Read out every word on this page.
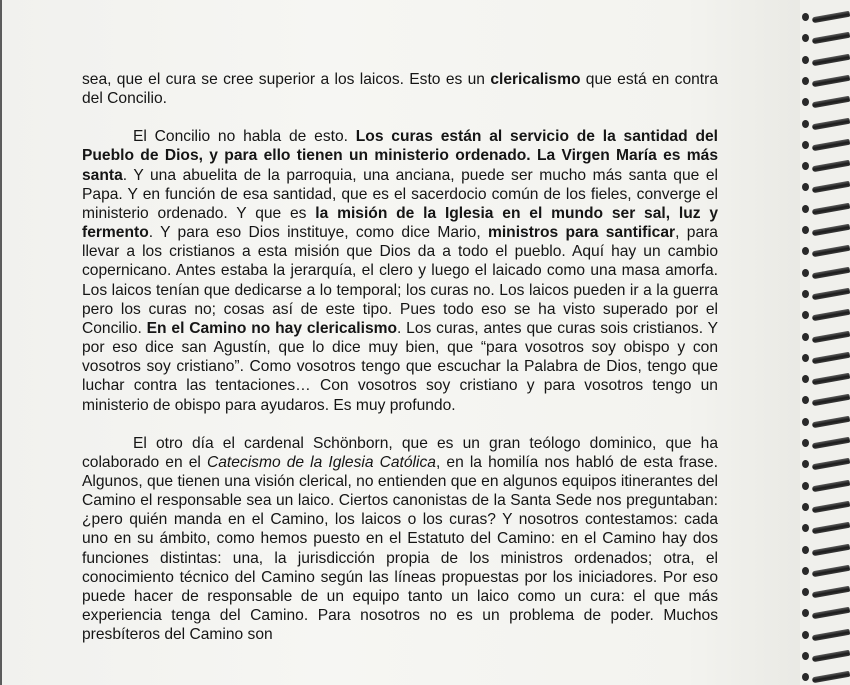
sea, que el cura se cree superior a los laicos. Esto es un clericalismo que está en contra del Concilio.

El Concilio no habla de esto. Los curas están al servicio de la santidad del Pueblo de Dios, y para ello tienen un ministerio ordenado. La Virgen María es más santa. Y una abuelita de la parroquia, una anciana, puede ser mucho más santa que el Papa. Y en función de esa santidad, que es el sacerdocio común de los fieles, converge el ministerio ordenado. Y que es la misión de la Iglesia en el mundo ser sal, luz y fermento. Y para eso Dios instituye, como dice Mario, ministros para santificar, para llevar a los cristianos a esta misión que Dios da a todo el pueblo. Aquí hay un cambio copernicano. Antes estaba la jerarquía, el clero y luego el laicado como una masa amorfa. Los laicos tenían que dedicarse a lo temporal; los curas no. Los laicos pueden ir a la guerra pero los curas no; cosas así de este tipo. Pues todo eso se ha visto superado por el Concilio. En el Camino no hay clericalismo. Los curas, antes que curas sois cristianos. Y por eso dice san Agustín, que lo dice muy bien, que “para vosotros soy obispo y con vosotros soy cristiano”. Como vosotros tengo que escuchar la Palabra de Dios, tengo que luchar contra las tentaciones… Con vosotros soy cristiano y para vosotros tengo un ministerio de obispo para ayudaros. Es muy profundo.

El otro día el cardenal Schönborn, que es un gran teólogo dominico, que ha colaborado en el Catecismo de la Iglesia Católica, en la homilía nos habló de esta frase. Algunos, que tienen una visión clerical, no entienden que en algunos equipos itinerantes del Camino el responsable sea un laico. Ciertos canonistas de la Santa Sede nos preguntaban: ¿pero quién manda en el Camino, los laicos o los curas? Y nosotros contestamos: cada uno en su ámbito, como hemos puesto en el Estatuto del Camino: en el Camino hay dos funciones distintas: una, la jurisdicción propia de los ministros ordenados; otra, el conocimiento técnico del Camino según las líneas propuestas por los iniciadores. Por eso puede hacer de responsable de un equipo tanto un laico como un cura: el que más experiencia tenga del Camino. Para nosotros no es un problema de poder. Muchos presbíteros del Camino son
